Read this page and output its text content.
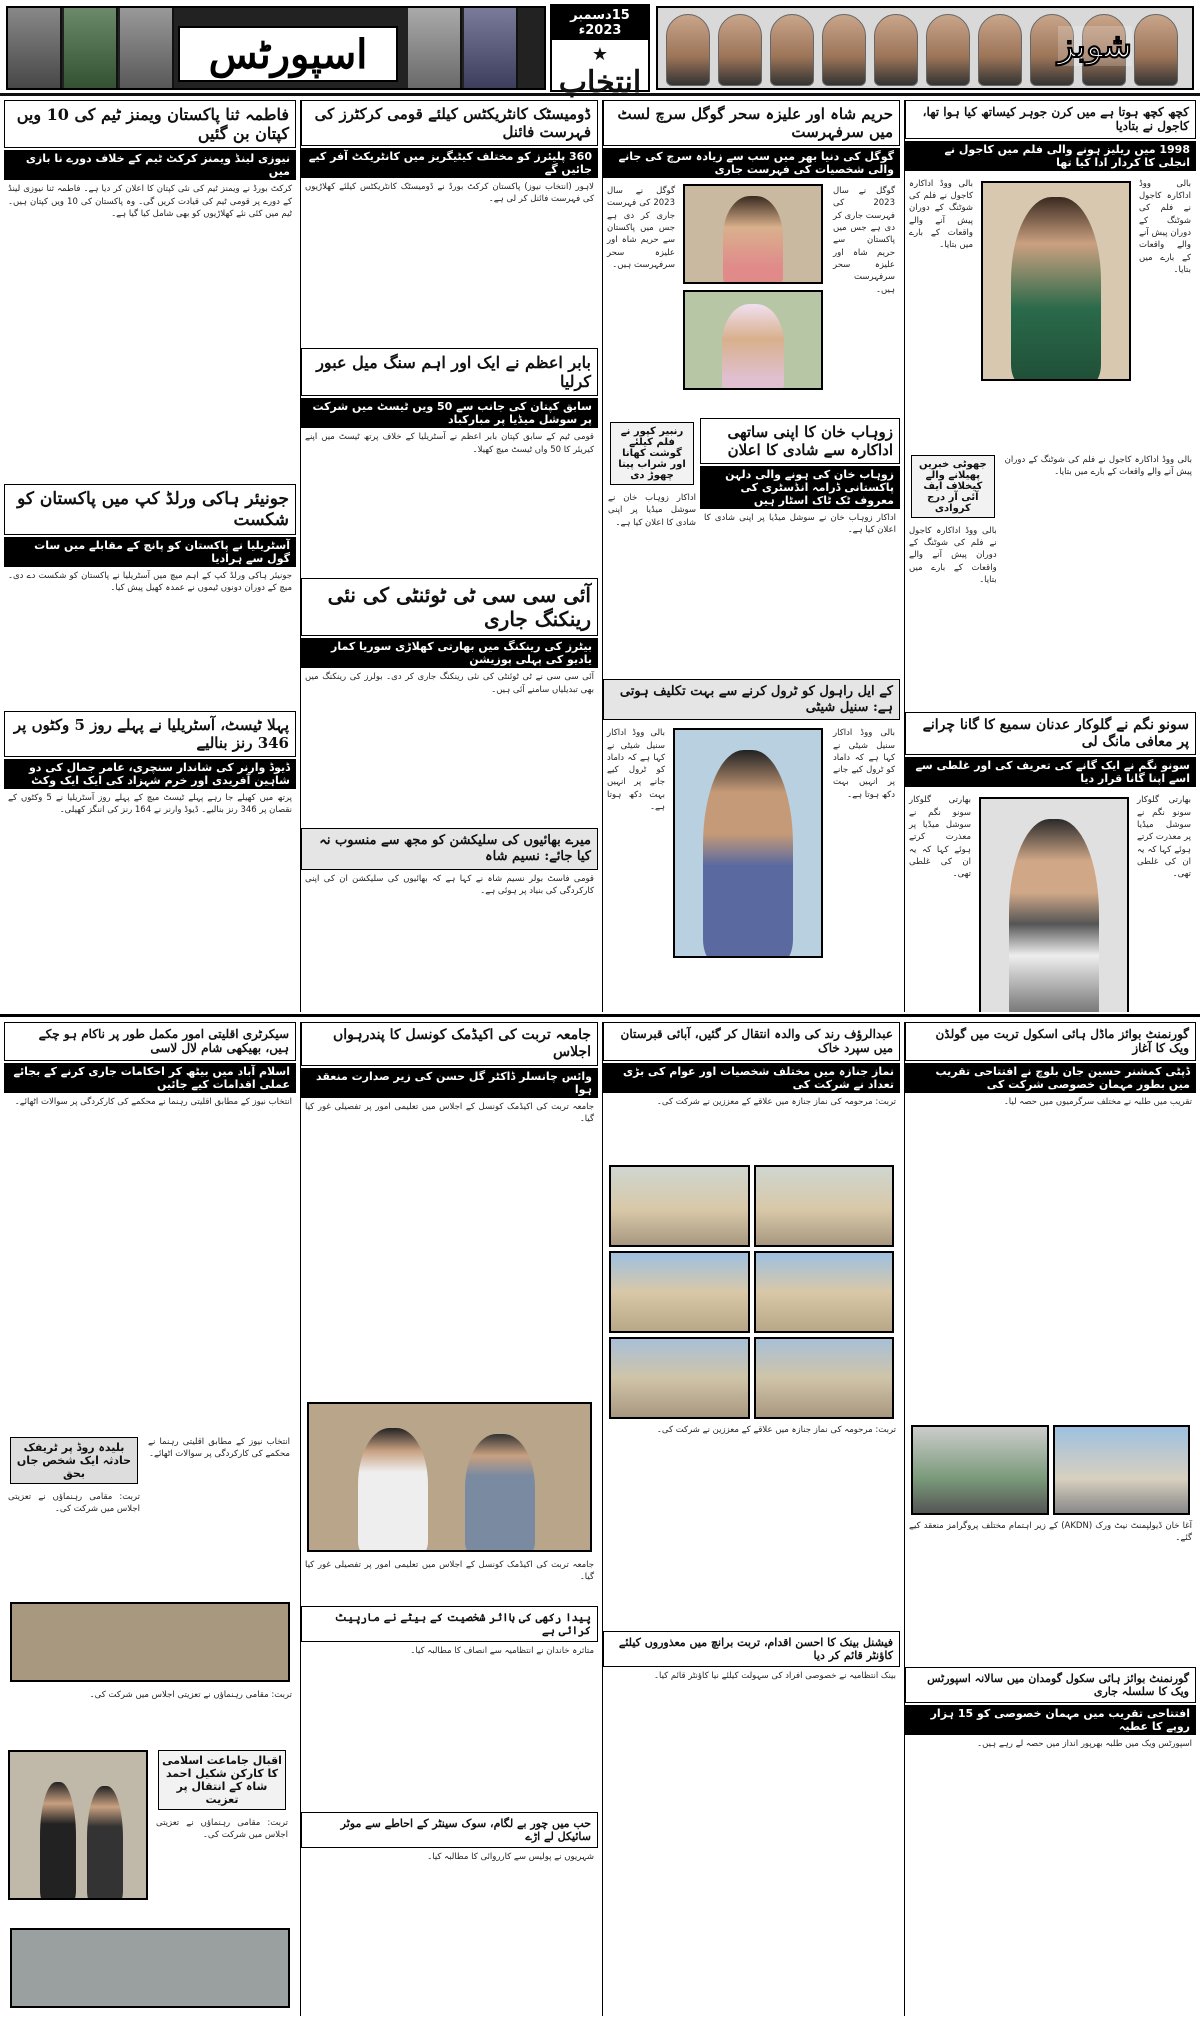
اسپورٹس
15دسمبر 2023ء
★
انتخاب
شوبز
فاطمہ ثنا پاکستان ویمنز ٹیم کی 10 ویں کپتان بن گئیں
نیوزی لینڈ ویمنز کرکٹ ٹیم کے خلاف دورے نا بازی میں
کرکٹ بورڈ نے ویمنز ٹیم کی نئی کپتان کا اعلان کر دیا ہے۔ فاطمہ ثنا نیوزی لینڈ کے دورے پر قومی ٹیم کی قیادت کریں گی۔ وہ پاکستان کی 10 ویں کپتان ہیں۔ ٹیم میں کئی نئے کھلاڑیوں کو بھی شامل کیا گیا ہے۔
جونیئر ہاکی ورلڈ کپ میں پاکستان کو شکست
آسٹریلیا نے پاکستان کو پانچ کے مقابلے میں سات گول سے ہرادیا
جونیئر ہاکی ورلڈ کپ کے اہم میچ میں آسٹریلیا نے پاکستان کو شکست دے دی۔ میچ کے دوران دونوں ٹیموں نے عمدہ کھیل پیش کیا۔
پہلا ٹیسٹ، آسٹریلیا نے پہلے روز 5 وکٹوں پر 346 رنز بنالیے
ڈیوڈ وارنر کی شاندار سنچری، عامر جمال کی دو شاہین آفریدی اور خرم شہزاد کی ایک ایک وکٹ
پرتھ میں کھیلے جا رہے پہلے ٹیسٹ میچ کے پہلے روز آسٹریلیا نے 5 وکٹوں کے نقصان پر 346 رنز بنالیے۔ ڈیوڈ وارنر نے 164 رنز کی اننگز کھیلی۔
ڈومیسٹک کانٹریکٹس کیلئے قومی کرکٹرز کی فہرست فائنل
360 پلیئرز کو مختلف کیٹیگریز میں کانٹریکٹ آفر کیے جائیں گے
لاہور (انتخاب نیوز) پاکستان کرکٹ بورڈ نے ڈومیسٹک کانٹریکٹس کیلئے کھلاڑیوں کی فہرست فائنل کر لی ہے۔
بابر اعظم نے ایک اور اہم سنگ میل عبور کرلیا
سابق کپتان کی جانب سے 50 ویں ٹیسٹ میں شرکت پر سوشل میڈیا پر مبارکباد
قومی ٹیم کے سابق کپتان بابر اعظم نے آسٹریلیا کے خلاف پرتھ ٹیسٹ میں اپنے کیریئر کا 50 واں ٹیسٹ میچ کھیلا۔
آئی سی سی ٹی ٹوئنٹی کی نئی رینکنگ جاری
بیٹرز کی رینکنگ میں بھارتی کھلاڑی سوریا کمار یادیو کی پہلی پوزیشن
آئی سی سی نے ٹی ٹوئنٹی کی نئی رینکنگ جاری کر دی۔ بولرز کی رینکنگ میں بھی تبدیلیاں سامنے آئی ہیں۔
میرے بھائیوں کی سلیکشن کو مجھ سے منسوب نہ کیا جائے: نسیم شاہ
قومی فاسٹ بولر نسیم شاہ نے کہا ہے کہ بھائیوں کی سلیکشن ان کی اپنی کارکردگی کی بنیاد پر ہوئی ہے۔
حریم شاہ اور علیزہ سحر گوگل سرچ لسٹ میں سرفہرست
گوگل کی دنیا بھر میں سب سے زیادہ سرچ کی جانے والی شخصیات کی فہرست جاری
گوگل نے سال 2023 کی فہرست جاری کر دی ہے جس میں پاکستان سے حریم شاہ اور علیزہ سحر سرفہرست ہیں۔
گوگل نے سال 2023 کی فہرست جاری کر دی ہے جس میں پاکستان سے حریم شاہ اور علیزہ سحر سرفہرست ہیں۔
زوہاب خان کا اپنی ساتھی اداکارہ سے شادی کا اعلان
زوہاب خان کی ہونے والی دلہن پاکستانی ڈرامہ انڈسٹری کی معروف ٹک ٹاک اسٹار ہیں
اداکار زوہاب خان نے سوشل میڈیا پر اپنی شادی کا اعلان کیا ہے۔
رنبیر کپور نے فلم کیلئے گوشت کھانا اور شراب پینا چھوڑ دی
اداکار زوہاب خان نے سوشل میڈیا پر اپنی شادی کا اعلان کیا ہے۔
کے ایل راہول کو ٹرول کرنے سے بہت تکلیف ہوتی ہے: سنیل شیٹی
بالی ووڈ اداکار سنیل شیٹی نے کہا ہے کہ داماد کو ٹرول کیے جانے پر انہیں بہت دکھ ہوتا ہے۔
بالی ووڈ اداکار سنیل شیٹی نے کہا ہے کہ داماد کو ٹرول کیے جانے پر انہیں بہت دکھ ہوتا ہے۔
کچھ کچھ ہوتا ہے میں کرن جوہر کیساتھ کیا ہوا تھا، کاجول نے بتادیا
1998 میں ریلیز ہونے والی فلم میں کاجول نے انجلی کا کردار ادا کیا تھا
بالی ووڈ اداکارہ کاجول نے فلم کی شوٹنگ کے دوران پیش آنے والے واقعات کے بارے میں بتایا۔
بالی ووڈ اداکارہ کاجول نے فلم کی شوٹنگ کے دوران پیش آنے والے واقعات کے بارے میں بتایا۔
بالی ووڈ اداکارہ کاجول نے فلم کی شوٹنگ کے دوران پیش آنے والے واقعات کے بارے میں بتایا۔
جھوٹی خبریں پھیلانے والے کیخلاف ایف آئی آر درج کروادی
بالی ووڈ اداکارہ کاجول نے فلم کی شوٹنگ کے دوران پیش آنے والے واقعات کے بارے میں بتایا۔
سونو نگم نے گلوکار عدنان سمیع کا گانا چرانے پر معافی مانگ لی
سونو نگم نے ایک گانے کی تعریف کی اور غلطی سے اسے اپنا گانا قرار دیا
بھارتی گلوکار سونو نگم نے سوشل میڈیا پر معذرت کرتے ہوئے کہا کہ یہ ان کی غلطی تھی۔
بھارتی گلوکار سونو نگم نے سوشل میڈیا پر معذرت کرتے ہوئے کہا کہ یہ ان کی غلطی تھی۔
سیکرٹری اقلیتی امور مکمل طور پر ناکام ہو چکے ہیں، بھیکھی شام لال لاسی
اسلام آباد میں بیٹھ کر احکامات جاری کرنے کے بجائے عملی اقدامات کیے جائیں
انتخاب نیوز کے مطابق اقلیتی رہنما نے محکمے کی کارکردگی پر سوالات اٹھائے۔
بلیدہ روڈ پر ٹریفک حادثہ ایک شخص جاں بحق
تربت: مقامی رہنماؤں نے تعزیتی اجلاس میں شرکت کی۔
انتخاب نیوز کے مطابق اقلیتی رہنما نے محکمے کی کارکردگی پر سوالات اٹھائے۔
تربت: مقامی رہنماؤں نے تعزیتی اجلاس میں شرکت کی۔
اقبال جاماعت اسلامی کا کارکن شکیل احمد شاہ کے انتقال پر تعزیت
تربت: مقامی رہنماؤں نے تعزیتی اجلاس میں شرکت کی۔
جامعہ تربت کی اکیڈمک کونسل کا پندرہواں اجلاس
وائس چانسلر ڈاکٹر گل حسن کی زیر صدارت منعقد ہوا
جامعہ تربت کی اکیڈمک کونسل کے اجلاس میں تعلیمی امور پر تفصیلی غور کیا گیا۔
جامعہ تربت کی اکیڈمک کونسل کے اجلاس میں تعلیمی امور پر تفصیلی غور کیا گیا۔
پیدا رکھی کی بااثر شخصیت کے بیٹے نے مارپیٹ کرائی ہے
متاثرہ خاندان نے انتظامیہ سے انصاف کا مطالبہ کیا۔
حب میں چور بے لگام، سوک سینٹر کے احاطے سے موٹر سائیکل لے اڑے
شہریوں نے پولیس سے کارروائی کا مطالبہ کیا۔
عبدالرؤف رند کی والدہ انتقال کر گئیں، آبائی قبرستان میں سپرد خاک
نماز جنازہ میں مختلف شخصیات اور عوام کی بڑی تعداد نے شرکت کی
تربت: مرحومہ کی نماز جنازہ میں علاقے کے معززین نے شرکت کی۔
تربت: مرحومہ کی نماز جنازہ میں علاقے کے معززین نے شرکت کی۔
فیشنل بینک کا احسن اقدام، تربت برانچ میں معذوروں کیلئے کاؤنٹر قائم کر دیا
بینک انتظامیہ نے خصوصی افراد کی سہولت کیلئے نیا کاؤنٹر قائم کیا۔
گورنمنٹ بوائز ماڈل ہائی اسکول تربت میں گولڈن ویک کا آغاز
ڈپٹی کمشنر حسین جان بلوچ نے افتتاحی تقریب میں بطور مہمان خصوصی شرکت کی
تقریب میں طلبہ نے مختلف سرگرمیوں میں حصہ لیا۔
آغا خان ڈیولپمنٹ نیٹ ورک (AKDN) کے زیر اہتمام مختلف پروگرامز منعقد کیے گئے۔
گورنمنٹ بوائز ہائی سکول گومدان میں سالانہ اسپورٹس ویک کا سلسلہ جاری
افتتاحی تقریب میں مہمان خصوصی کو 15 ہزار روپے کا عطیہ
اسپورٹس ویک میں طلبہ بھرپور انداز میں حصہ لے رہے ہیں۔
